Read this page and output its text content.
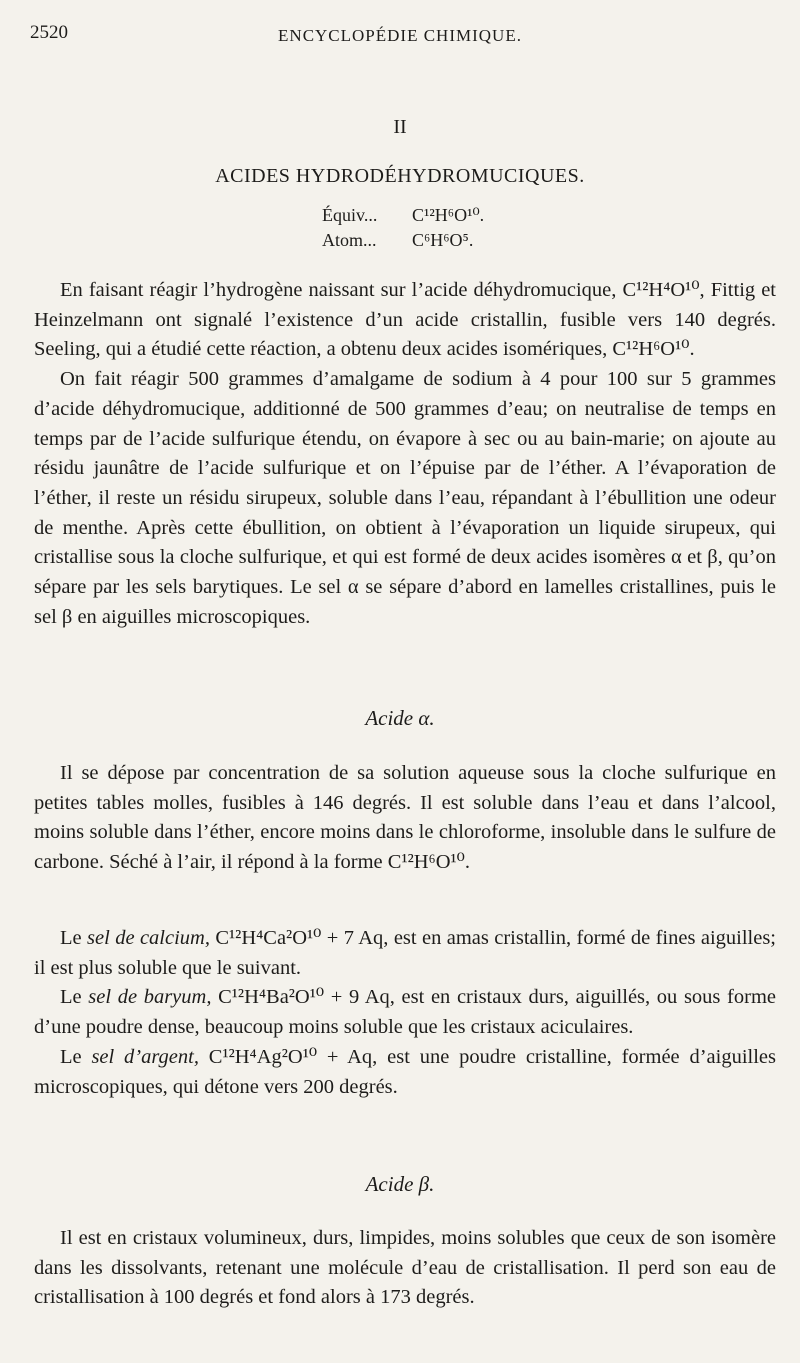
2520	ENCYCLOPÉDIE CHIMIQUE.
II
ACIDES HYDRODÉHYDROMUCIQUES.
Équiv... C¹²H⁶O¹⁰.
Atom... C⁶H⁶O⁵.

En faisant réagir l’hydrogène naissant sur l’acide déhydromucique, C¹²H⁴O¹⁰, Fittig et Heinzelmann ont signalé l’existence d’un acide cristallin, fusible vers 140 degrés. Seeling, qui a étudié cette réaction, a obtenu deux acides isomériques, C¹²H⁶O¹⁰.

On fait réagir 500 grammes d’amalgame de sodium à 4 pour 100 sur 5 grammes d’acide déhydromucique, additionné de 500 grammes d’eau; on neutralise de temps en temps par de l’acide sulfurique étendu, on évapore à sec ou au bain-marie; on ajoute au résidu jaunâtre de l’acide sulfurique et on l’épuise par de l’éther. A l’évaporation de l’éther, il reste un résidu sirupeux, soluble dans l’eau, répandant à l’ébullition une odeur de menthe. Après cette ébullition, on obtient à l’évaporation un liquide sirupeux, qui cristallise sous la cloche sulfurique, et qui est formé de deux acides isomères α et β, qu’on sépare par les sels barytiques. Le sel α se sépare d’abord en lamelles cristallines, puis le sel β en aiguilles microscopiques.

Acide α.

Il se dépose par concentration de sa solution aqueuse sous la cloche sulfurique en petites tables molles, fusibles à 146 degrés. Il est soluble dans l’eau et dans l’alcool, moins soluble dans l’éther, encore moins dans le chloroforme, insoluble dans le sulfure de carbone. Séché à l’air, il répond à la forme C¹²H⁶O¹⁰.

Le sel de calcium, C¹²H⁴Ca²O¹⁰ + 7 Aq, est en amas cristallin, formé de fines aiguilles; il est plus soluble que le suivant.

Le sel de baryum, C¹²H⁴Ba²O¹⁰ + 9 Aq, est en cristaux durs, aiguillés, ou sous forme d’une poudre dense, beaucoup moins soluble que les cristaux aciculaires.

Le sel d’argent, C¹²H⁴Ag²O¹⁰ + Aq, est une poudre cristalline, formée d’aiguilles microscopiques, qui détone vers 200 degrés.

Acide β.

Il est en cristaux volumineux, durs, limpides, moins solubles que ceux de son isomère dans les dissolvants, retenant une molécule d’eau de cristallisation. Il perd son eau de cristallisation à 100 degrés et fond alors à 173 degrés.
